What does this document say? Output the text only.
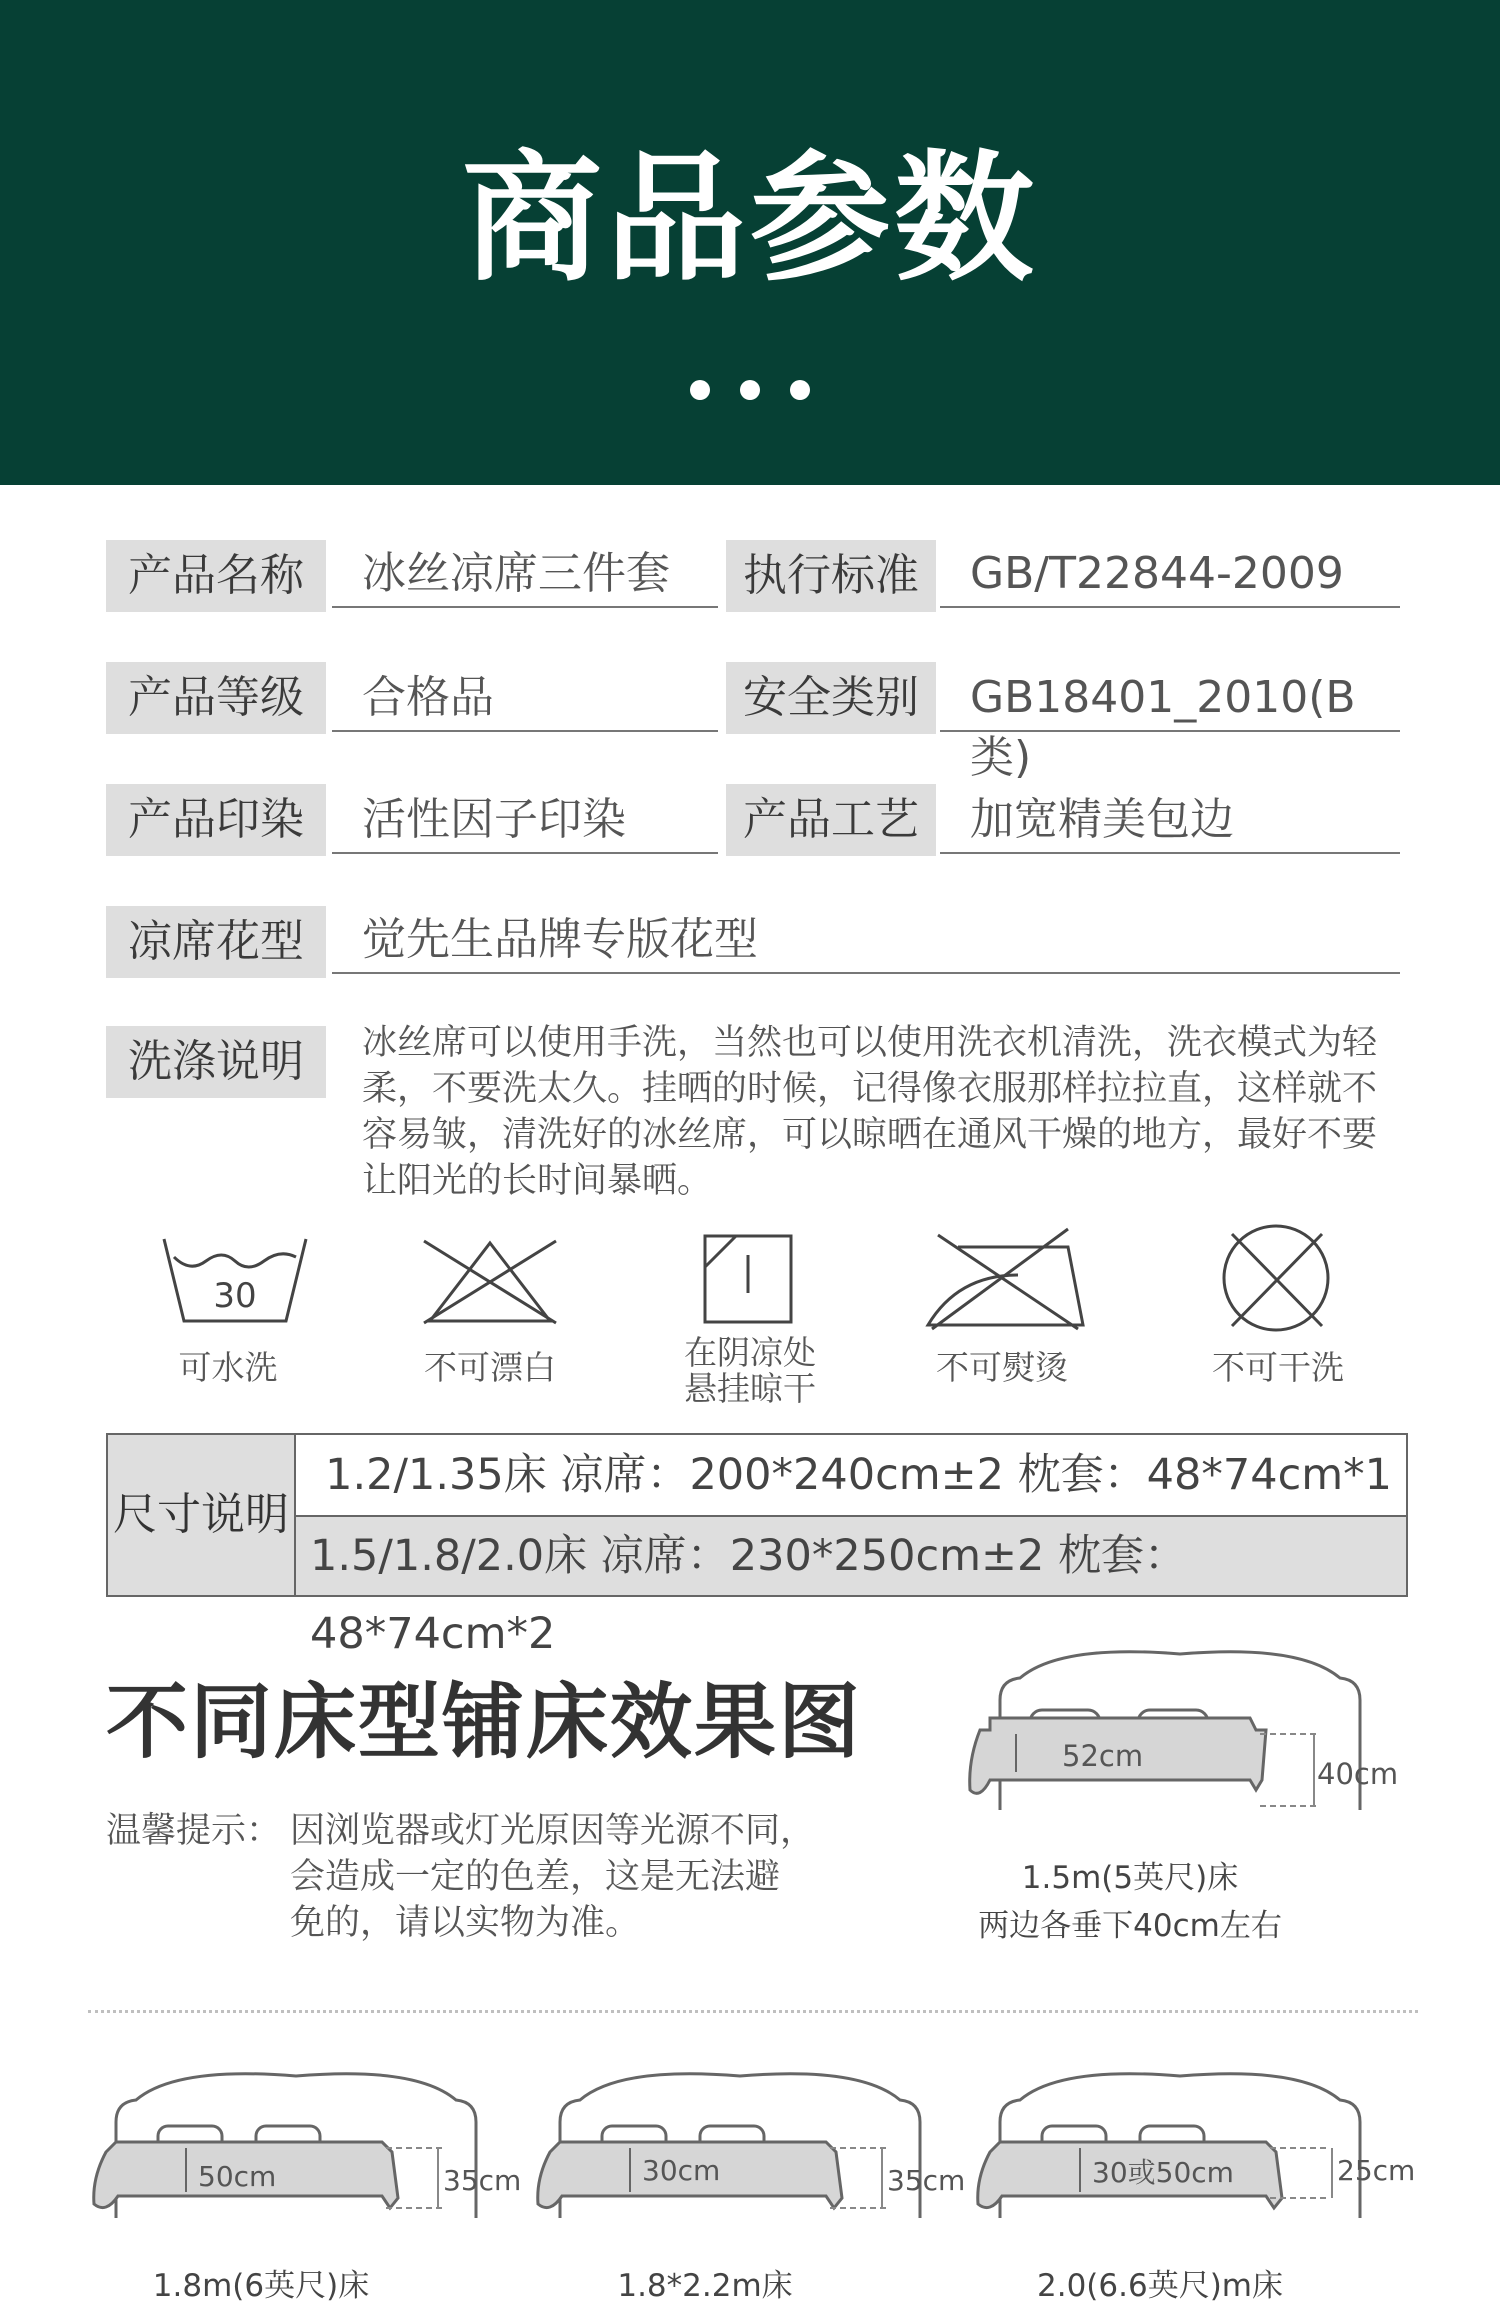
商品参数
产品名称	冰丝凉席三件套	执行标准	GB/T22844-2009
产品等级	合格品	安全类别	GB18401_2010(B类)
产品印染	活性因子印染	产品工艺	加宽精美包边
凉席花型	觉先生品牌专版花型
洗涤说明	冰丝席可以使用手洗，当然也可以使用洗衣机清洗，洗衣模式为轻柔，不要洗太久。挂晒的时候，记得像衣服那样拉拉直，这样就不容易皱，清洗好的冰丝席，可以晾晒在通风干燥的地方，最好不要让阳光的长时间暴晒。
30
可水洗	不可漂白	在阴凉处
悬挂晾干
不可熨烫	不可干洗
尺寸说明
1.2/1.35床 凉席：200*240cm±2 枕套：48*74cm*1
1.5/1.8/2.0床 凉席：230*250cm±2 枕套：48*74cm*2
不同床型铺床效果图
温馨提示： 因浏览器或灯光原因等光源不同，
会造成一定的色差，这是无法避
免的，请以实物为准。
52cm
40cm
1.5m(5英尺)床
两边各垂下40cm左右
50cm	35cm
1.8m(6英尺)床
30cm	35cm
1.8*2.2m床
30或50cm	25cm
2.0(6.6英尺)m床
